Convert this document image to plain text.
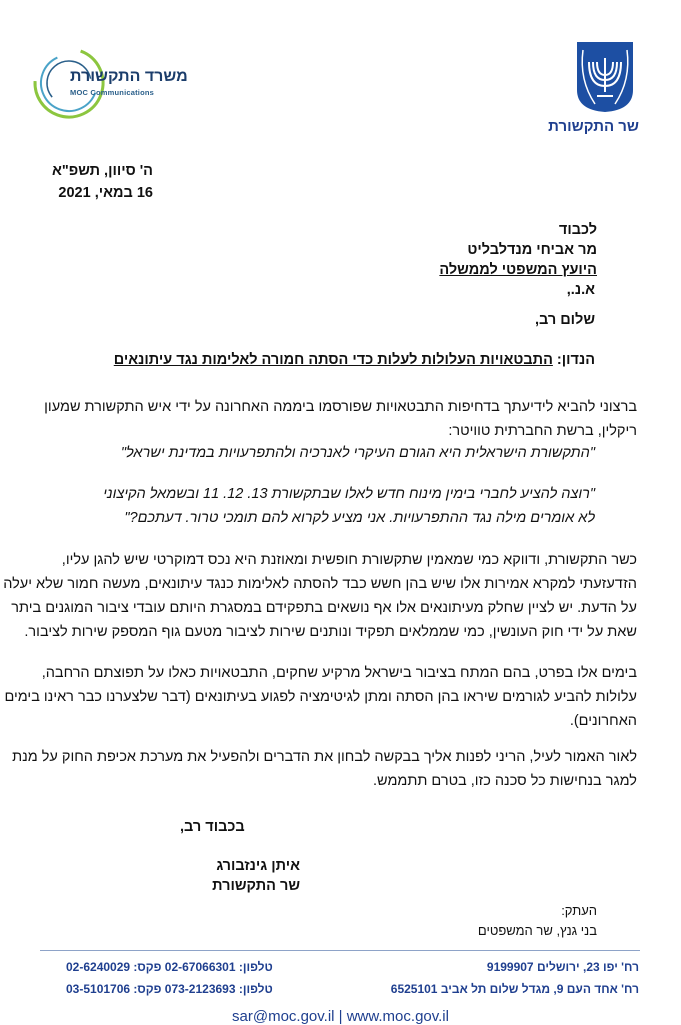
משרד התקשורת
MOC Communications
שר התקשורת
ה' סיוון, תשפ"א
16 במאי, 2021
לכבוד
מר אביחי מנדלבליט
היועץ המשפטי לממשלה
א.נ.,
שלום רב,
הנדון: התבטאויות העלולות לעלות כדי הסתה חמורה לאלימות נגד עיתונאים
ברצוני להביא לידיעתך בדחיפות התבטאויות שפורסמו ביממה האחרונה על ידי איש התקשורת שמעון
ריקלין, ברשת החברתית טוויטר:
"התקשורת הישראלית היא הגורם העיקרי לאנרכיה ולהתפרעויות במדינת ישראל"
"רוצה להציע לחברי בימין מינוח חדש לאלו שבתקשורת 13. 12. 11 ובשמאל הקיצוני
לא אומרים מילה נגד ההתפרעויות. אני מציע לקרוא להם תומכי טרור. דעתכם?"
כשר התקשורת, ודווקא כמי שמאמין שתקשורת חופשית ומאוזנת היא נכס דמוקרטי שיש להגן עליו,
הזדעזעתי למקרא אמירות אלו שיש בהן חשש כבד להסתה לאלימות כנגד עיתונאים, מעשה חמור שלא יעלה
על הדעת. יש לציין שחלק מעיתונאים אלו אף נושאים בתפקידם במסגרת היותם עובדי ציבור המוגנים ביתר
שאת על ידי חוק העונשין, כמי שממלאים תפקיד ונותנים שירות לציבור מטעם גוף המספק שירות לציבור.
בימים אלו בפרט, בהם המתח בציבור בישראל מרקיע שחקים, התבטאויות כאלו על תפוצתם הרחבה,
עלולות להביע לגורמים שיראו בהן הסתה ומתן לגיטימציה לפגוע בעיתונאים (דבר שלצערנו כבר ראינו בימים
האחרונים).
לאור האמור לעיל, הריני לפנות אליך בבקשה לבחון את הדברים ולהפעיל את מערכת אכיפת החוק על מנת
למגר בנחישות כל סכנה כזו, בטרם תתממש.
בכבוד רב,
איתן גינזבורג
שר התקשורת
העתק:
בני גנץ, שר המשפטים
רח' יפו 23, ירושלים 9199907
רח' אחד העם 9, מגדל שלום תל אביב 6525101
טלפון: 02-67066301 פקס: 02-6240029
טלפון: 073-2123693 פקס: 03-5101706
sar@moc.gov.il | www.moc.gov.il
